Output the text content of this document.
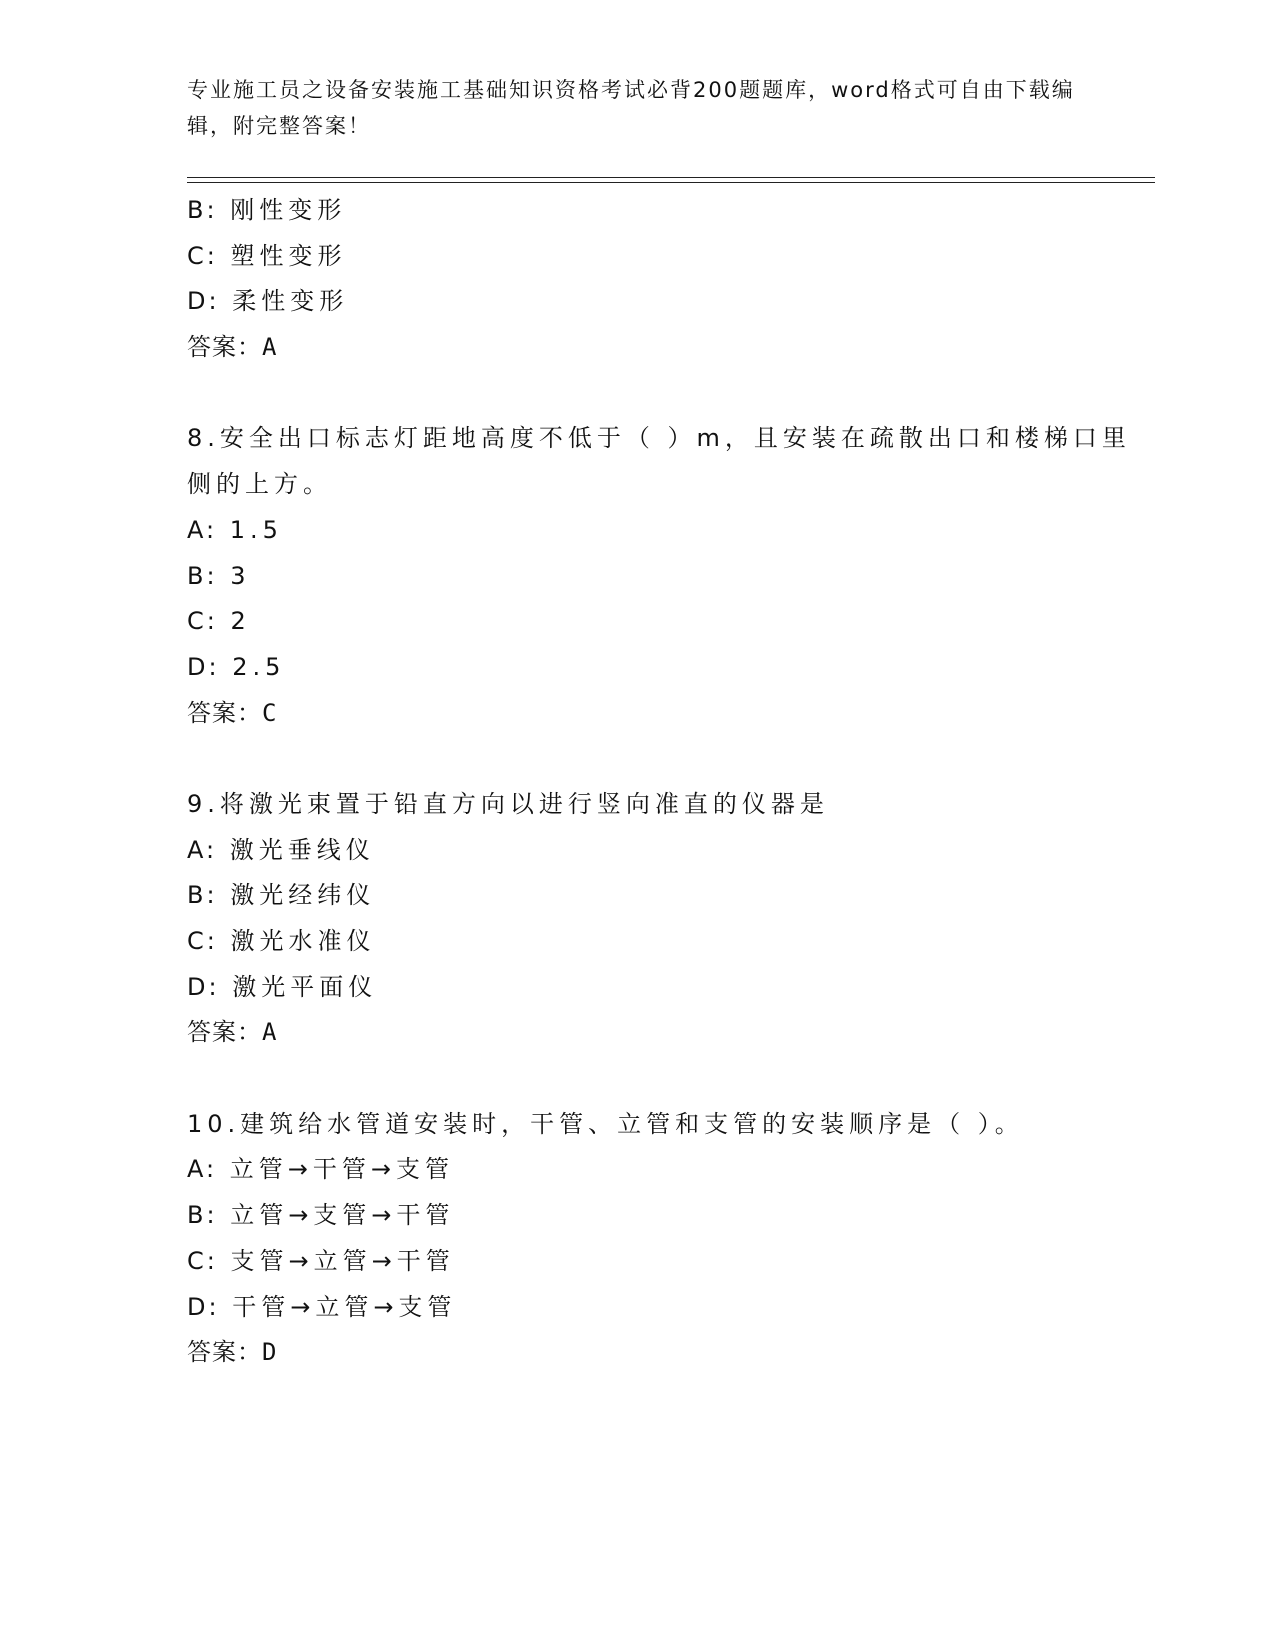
专业施工员之设备安装施工基础知识资格考试必背200题题库，word格式可自由下载编辑，附完整答案！
B: 刚性变形
C: 塑性变形
D: 柔性变形
答案：A
8.安全出口标志灯距地高度不低于（ ）m，且安装在疏散出口和楼梯口里侧的上方。
A: 1.5
B: 3
C: 2
D: 2.5
答案：C
9.将激光束置于铅直方向以进行竖向准直的仪器是
A: 激光垂线仪
B: 激光经纬仪
C: 激光水准仪
D: 激光平面仪
答案：A
10.建筑给水管道安装时，干管、立管和支管的安装顺序是（ ）。
A: 立管→干管→支管
B: 立管→支管→干管
C: 支管→立管→干管
D: 干管→立管→支管
答案：D
